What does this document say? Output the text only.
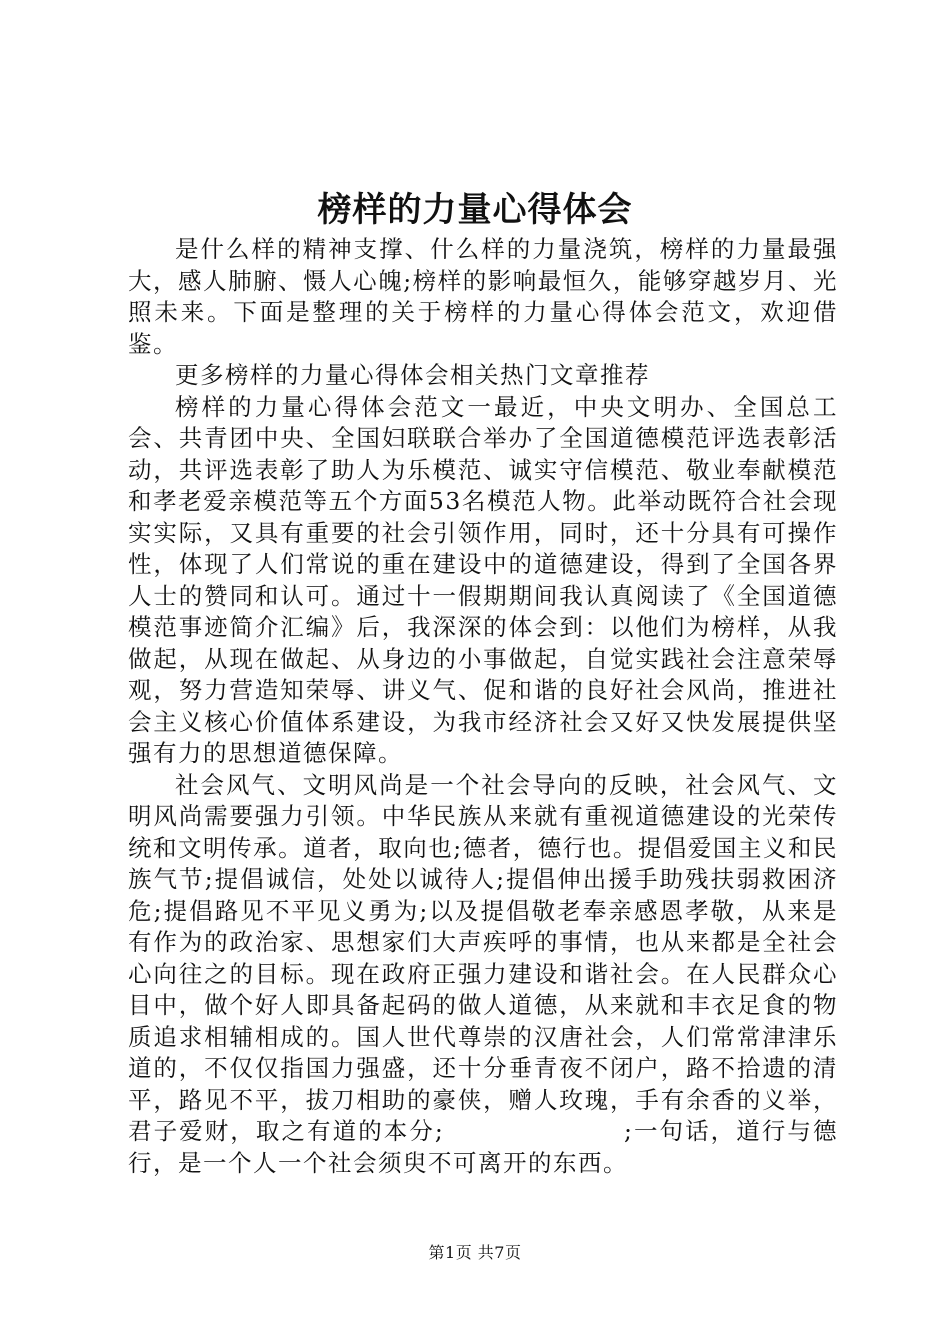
榜样的力量心得体会

是什么样的精神支撑、什么样的力量浇筑，榜样的力量最强大，感人肺腑、慑人心魄;榜样的影响最恒久，能够穿越岁月、光照未来。下面是整理的关于榜样的力量心得体会范文，欢迎借鉴。

更多榜样的力量心得体会相关热门文章推荐

榜样的力量心得体会范文一最近，中央文明办、全国总工会、共青团中央、全国妇联联合举办了全国道德模范评选表彰活动，共评选表彰了助人为乐模范、诚实守信模范、敬业奉献模范和孝老爱亲模范等五个方面53名模范人物。此举动既符合社会现实实际，又具有重要的社会引领作用，同时，还十分具有可操作性，体现了人们常说的重在建设中的道德建设，得到了全国各界人士的赞同和认可。通过十一假期期间我认真阅读了《全国道德模范事迹简介汇编》后，我深深的体会到：以他们为榜样，从我做起，从现在做起、从身边的小事做起，自觉实践社会注意荣辱观，努力营造知荣辱、讲义气、促和谐的良好社会风尚，推进社会主义核心价值体系建设，为我市经济社会又好又快发展提供坚强有力的思想道德保障。

社会风气、文明风尚是一个社会导向的反映，社会风气、文明风尚需要强力引领。中华民族从来就有重视道德建设的光荣传统和文明传承。道者，取向也;德者，德行也。提倡爱国主义和民族气节;提倡诚信，处处以诚待人;提倡伸出援手助残扶弱救困济危;提倡路见不平见义勇为;以及提倡敬老奉亲感恩孝敬，从来是有作为的政治家、思想家们大声疾呼的事情，也从来都是全社会心向往之的目标。现在政府正强力建设和谐社会。在人民群众心目中，做个好人即具备起码的做人道德，从来就和丰衣足食的物质追求相辅相成的。国人世代尊崇的汉唐社会，人们常常津津乐道的，不仅仅指国力强盛，还十分垂青夜不闭户，路不拾遗的清平，路见不平，拔刀相助的豪侠，赠人玫瑰，手有余香的义举，君子爱财，取之有道的本分;　　　　　　　;一句话，道行与德行，是一个人一个社会须臾不可离开的东西。

第1页 共7页
